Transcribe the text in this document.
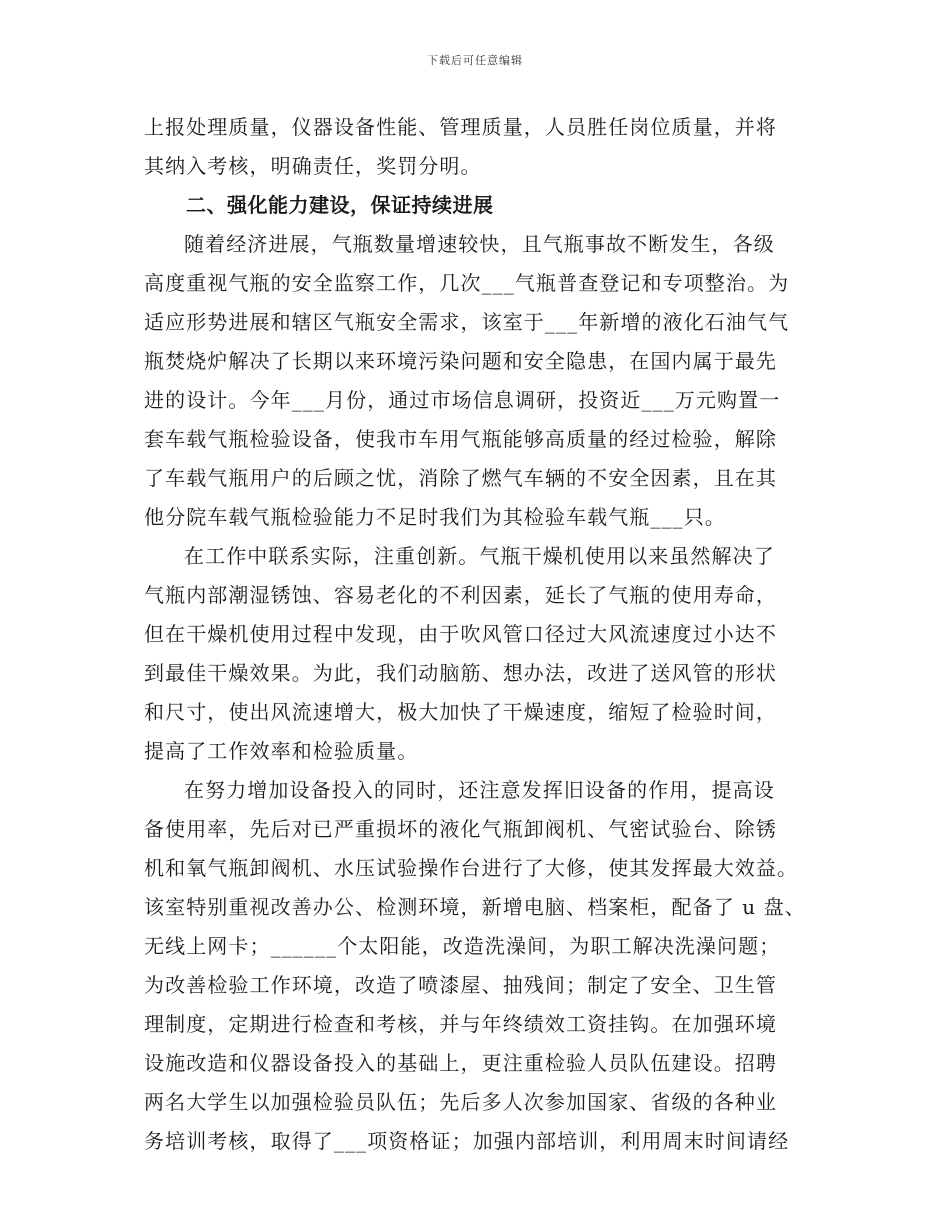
下载后可任意编辑
上报处理质量，仪器设备性能、管理质量，人员胜任岗位质量，并将
其纳入考核，明确责任，奖罚分明。
二、强化能力建设，保证持续进展
随着经济进展，气瓶数量增速较快，且气瓶事故不断发生，各级
高度重视气瓶的安全监察工作，几次___气瓶普查登记和专项整治。为
适应形势进展和辖区气瓶安全需求，该室于___年新增的液化石油气气
瓶焚烧炉解决了长期以来环境污染问题和安全隐患，在国内属于最先
进的设计。今年___月份，通过市场信息调研，投资近___万元购置一
套车载气瓶检验设备，使我市车用气瓶能够高质量的经过检验，解除
了车载气瓶用户的后顾之忧，消除了燃气车辆的不安全因素，且在其
他分院车载气瓶检验能力不足时我们为其检验车载气瓶___只。
在工作中联系实际，注重创新。气瓶干燥机使用以来虽然解决了
气瓶内部潮湿锈蚀、容易老化的不利因素，延长了气瓶的使用寿命，
但在干燥机使用过程中发现，由于吹风管口径过大风流速度过小达不
到最佳干燥效果。为此，我们动脑筋、想办法，改进了送风管的形状
和尺寸，使出风流速增大，极大加快了干燥速度，缩短了检验时间，
提高了工作效率和检验质量。
在努力增加设备投入的同时，还注意发挥旧设备的作用，提高设
备使用率，先后对已严重损坏的液化气瓶卸阀机、气密试验台、除锈
机和氧气瓶卸阀机、水压试验操作台进行了大修，使其发挥最大效益。
该室特别重视改善办公、检测环境，新增电脑、档案柜，配备了 u 盘、
无线上网卡；______个太阳能，改造洗澡间，为职工解决洗澡问题；
为改善检验工作环境，改造了喷漆屋、抽残间；制定了安全、卫生管
理制度，定期进行检查和考核，并与年终绩效工资挂钩。在加强环境
设施改造和仪器设备投入的基础上，更注重检验人员队伍建设。招聘
两名大学生以加强检验员队伍；先后多人次参加国家、省级的各种业
务培训考核，取得了___项资格证；加强内部培训，利用周末时间请经
